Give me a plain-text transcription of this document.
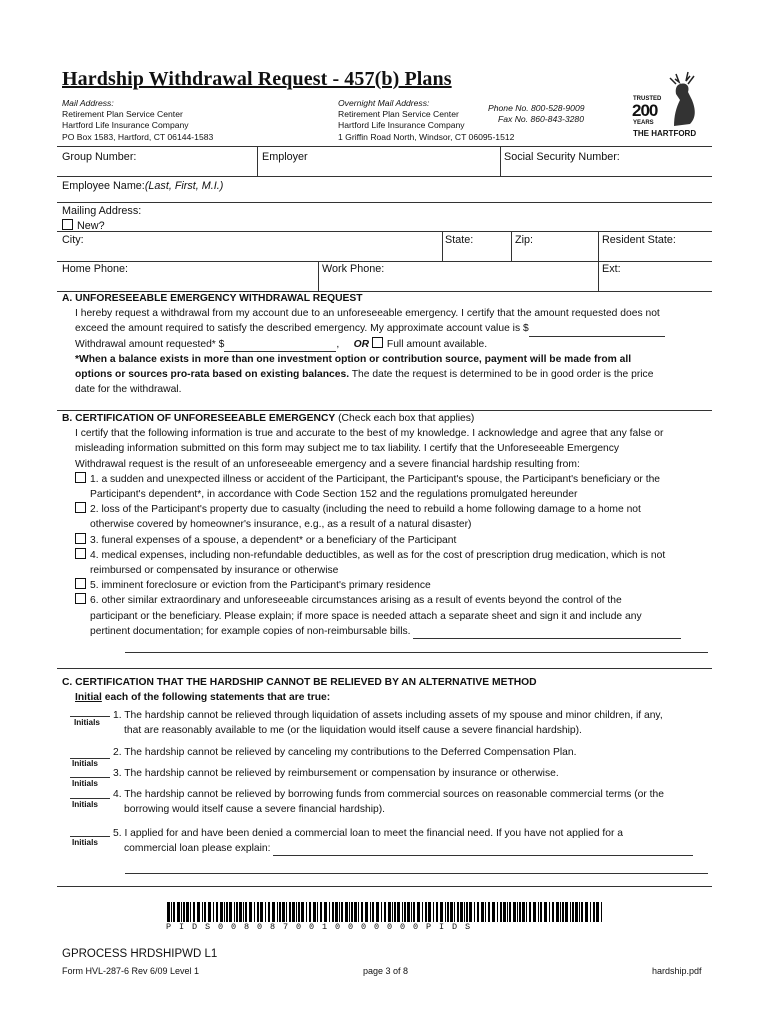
Hardship Withdrawal Request - 457(b) Plans
Mail Address:
Retirement Plan Service Center
Hartford Life Insurance Company
PO Box 1583, Hartford, CT 06144-1583
Overnight Mail Address:
Retirement Plan Service Center
Hartford Life Insurance Company
1 Griffin Road North, Windsor, CT 06095-1512
Phone No. 800-528-9009
Fax No. 860-843-3280
TRUSTED
200
YEARS
THE HARTFORD
Group Number:	Employer	Social Security Number:
Employee Name:(Last, First, M.I.)
Mailing Address:
New?
City:	State:	Zip:	Resident State:
Home Phone:	Work Phone:	Ext:
A. UNFORESEEABLE EMERGENCY WITHDRAWAL REQUEST
I hereby request a withdrawal from my account due to an unforeseeable emergency. I certify that the amount requested does not
exceed the amount required to satisfy the described emergency. My approximate account value is $
Withdrawal amount requested* $	, OR Full amount available.
*When a balance exists in more than one investment option or contribution source, payment will be made from all
options or sources pro-rata based on existing balances. The date the request is determined to be in good order is the price
date for the withdrawal.
B. CERTIFICATION OF UNFORESEEABLE EMERGENCY (Check each box that applies)
I certify that the following information is true and accurate to the best of my knowledge. I acknowledge and agree that any false or
misleading information submitted on this form may subject me to tax liability. I certify that the Unforeseeable Emergency
Withdrawal request is the result of an unforeseeable emergency and a severe financial hardship resulting from:
1. a sudden and unexpected illness or accident of the Participant, the Participant's spouse, the Participant's beneficiary or the
Participant's dependent*, in accordance with Code Section 152 and the regulations promulgated hereunder
2. loss of the Participant's property due to casualty (including the need to rebuild a home following damage to a home not
otherwise covered by homeowner's insurance, e.g., as a result of a natural disaster)
3. funeral expenses of a spouse, a dependent* or a beneficiary of the Participant
4. medical expenses, including non-refundable deductibles, as well as for the cost of prescription drug medication, which is not
reimbursed or compensated by insurance or otherwise
5. imminent foreclosure or eviction from the Participant's primary residence
6. other similar extraordinary and unforeseeable circumstances arising as a result of events beyond the control of the
participant or the beneficiary. Please explain; if more space is needed attach a separate sheet and sign it and include any
pertinent documentation; for example copies of non-reimbursable bills.
C. CERTIFICATION THAT THE HARDSHIP CANNOT BE RELIEVED BY AN ALTERNATIVE METHOD
Initial each of the following statements that are true:
Initials
Initials
Initials
Initials
Initials
1. The hardship cannot be relieved through liquidation of assets including assets of my spouse and minor children, if any,
that are reasonably available to me (or the liquidation would itself cause a severe financial hardship).
2. The hardship cannot be relieved by canceling my contributions to the Deferred Compensation Plan.
3. The hardship cannot be relieved by reimbursement or compensation by insurance or otherwise.
4. The hardship cannot be relieved by borrowing funds from commercial sources on reasonable commercial terms (or the
borrowing would itself cause a severe financial hardship).
5. I applied for and have been denied a commercial loan to meet the financial need. If you have not applied for a
commercial loan please explain:
PIDS0080870010000000PIDS
GPROCESS HRDSHIPWD L1
Form HVL-287-6 Rev 6/09 Level 1	page 3 of 8	hardship.pdf
